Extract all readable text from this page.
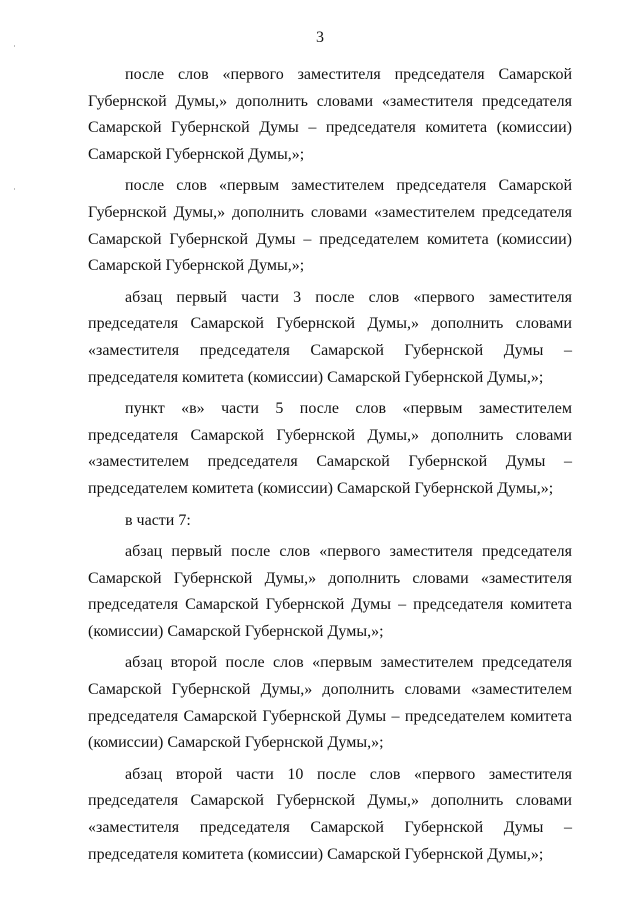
3

после слов «первого заместителя председателя Самарской Губернской Думы,» дополнить словами «заместителя председателя Самарской Губернской Думы – председателя комитета (комиссии) Самарской Губернской Думы,»;

после слов «первым заместителем председателя Самарской Губернской Думы,» дополнить словами «заместителем председателя Самарской Губернской Думы – председателем комитета (комиссии) Самарской Губернской Думы,»;

абзац первый части 3 после слов «первого заместителя председателя Самарской Губернской Думы,» дополнить словами «заместителя председателя Самарской Губернской Думы – председателя комитета (комиссии) Самарской Губернской Думы,»;

пункт «в» части 5 после слов «первым заместителем председателя Самарской Губернской Думы,» дополнить словами «заместителем председателя Самарской Губернской Думы – председателем комитета (комиссии) Самарской Губернской Думы,»;

в части 7:

абзац первый после слов «первого заместителя председателя Самарской Губернской Думы,» дополнить словами «заместителя председателя Самарской Губернской Думы – председателя комитета (комиссии) Самарской Губернской Думы,»;

абзац второй после слов «первым заместителем председателя Самарской Губернской Думы,» дополнить словами «заместителем председателя Самарской Губернской Думы – председателем комитета (комиссии) Самарской Губернской Думы,»;

абзац второй части 10 после слов «первого заместителя председателя Самарской Губернской Думы,» дополнить словами «заместителя председателя Самарской Губернской Думы – председателя комитета (комиссии) Самарской Губернской Думы,»;
